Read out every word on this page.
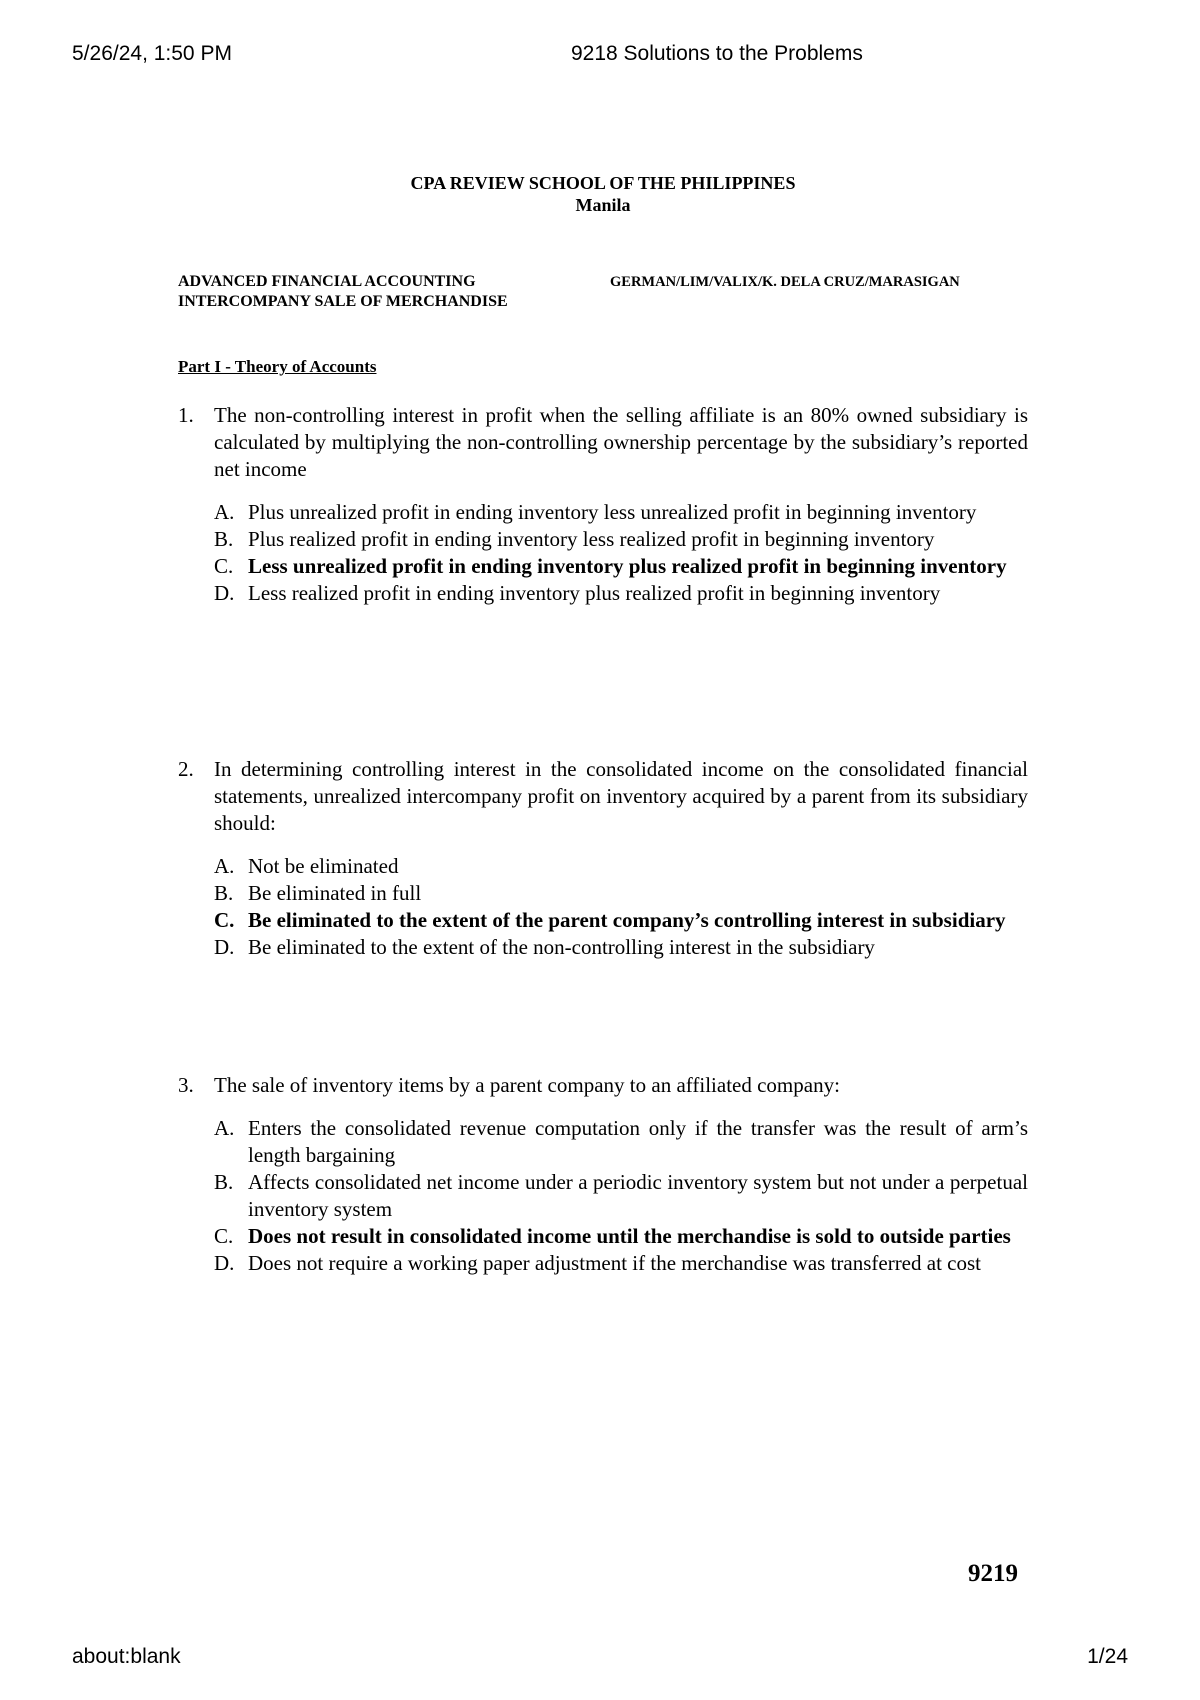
5/26/24, 1:50 PM	9218 Solutions to the Problems
CPA REVIEW SCHOOL OF THE PHILIPPINES
Manila
ADVANCED FINANCIAL ACCOUNTING
INTERCOMPANY SALE OF MERCHANDISE
GERMAN/LIM/VALIX/K. DELA CRUZ/MARASIGAN
Part I - Theory of Accounts
1. The non-controlling interest in profit when the selling affiliate is an 80% owned subsidiary is calculated by multiplying the non-controlling ownership percentage by the subsidiary’s reported net income
A. Plus unrealized profit in ending inventory less unrealized profit in beginning inventory
B. Plus realized profit in ending inventory less realized profit in beginning inventory
C. Less unrealized profit in ending inventory plus realized profit in beginning inventory
D. Less realized profit in ending inventory plus realized profit in beginning inventory
2. In determining controlling interest in the consolidated income on the consolidated financial statements, unrealized intercompany profit on inventory acquired by a parent from its subsidiary should:
A. Not be eliminated
B. Be eliminated in full
C. Be eliminated to the extent of the parent company’s controlling interest in subsidiary
D. Be eliminated to the extent of the non-controlling interest in the subsidiary
3. The sale of inventory items by a parent company to an affiliated company:
A. Enters the consolidated revenue computation only if the transfer was the result of arm’s length bargaining
B. Affects consolidated net income under a periodic inventory system but not under a perpetual inventory system
C. Does not result in consolidated income until the merchandise is sold to outside parties
D. Does not require a working paper adjustment if the merchandise was transferred at cost
9219
about:blank	1/24
